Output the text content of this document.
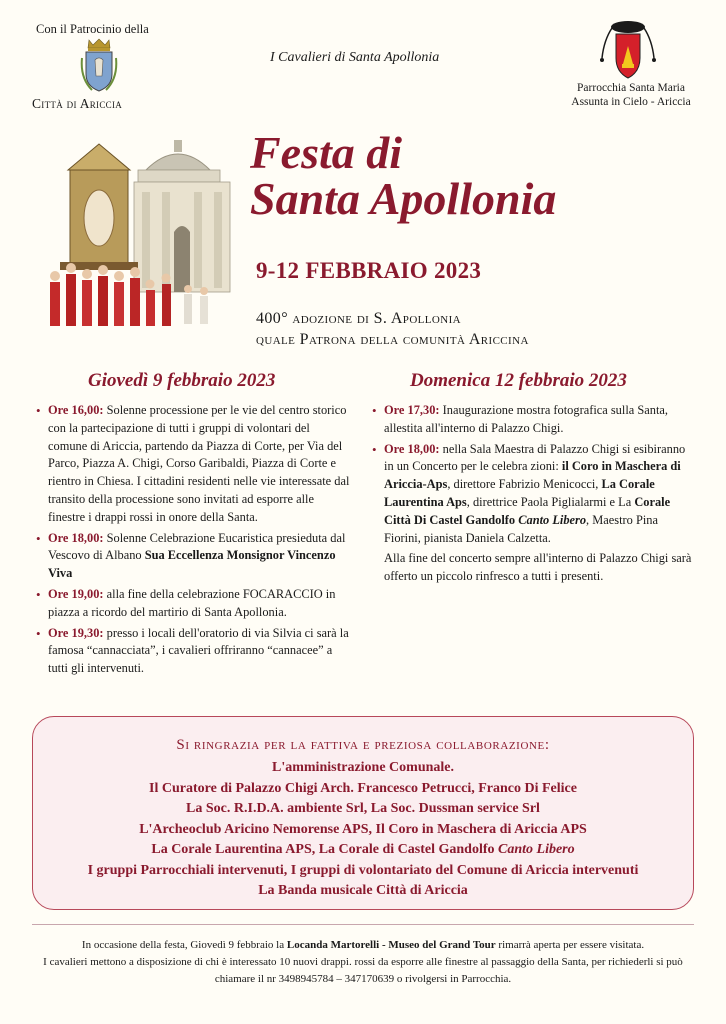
Con il Patrocinio della
Città di Ariccia
I Cavalieri di Santa Apollonia
Parrocchia Santa Maria
Assunta in Cielo - Ariccia
Festa di
Santa Apollonia
9-12 FEBBRAIO 2023
400° adozione di S. Apollonia
quale Patrona della comunità Ariccina
Giovedì 9 febbraio 2023	Domenica 12 febbraio 2023
• Ore 16,00: Solenne processione per le vie del centro storico con la partecipazione di tutti i gruppi di volontari del comune di Ariccia, partendo da Piazza di Corte, per Via del Parco, Piazza A. Chigi, Corso Garibaldi, Piazza di Corte e rientro in Chiesa. I cittadini residenti nelle vie interessate dal transito della processione sono invitati ad esporre alle finestre i drappi rossi in onore della Santa.
• Ore 18,00: Solenne Celebrazione Eucaristica presieduta dal Vescovo di Albano Sua Eccellenza Monsignor Vincenzo Viva
• Ore 19,00: alla fine della celebrazione FOCARACCIO in piazza a ricordo del martirio di Santa Apollonia.
• Ore 19,30: presso i locali dell'oratorio di via Silvia ci sarà la famosa “cannacciata”, i cavalieri offriranno “cannacee” a tutti gli intervenuti.
• Ore 17,30: Inaugurazione mostra fotografica sulla Santa, allestita all'interno di Palazzo Chigi.
• Ore 18,00: nella Sala Maestra di Palazzo Chigi si esibiranno in un Concerto per le celebra zioni: il Coro in Maschera di Ariccia-Aps, direttore Fabrizio Menicocci, La Corale Laurentina Aps, direttrice Paola Piglialarmi e La Corale Città Di Castel Gandolfo Canto Libero, Maestro Pina Fiorini, pianista Daniela Calzetta.
Alla fine del concerto sempre all'interno di Palazzo Chigi sarà offerto un piccolo rinfresco a tutti i presenti.
Si ringrazia per la fattiva e preziosa collaborazione:
L'amministrazione Comunale.
Il Curatore di Palazzo Chigi Arch. Francesco Petrucci, Franco Di Felice
La Soc. R.I.D.A. ambiente Srl, La Soc. Dussman service Srl
L'Archeoclub Aricino Nemorense APS, Il Coro in Maschera di Ariccia APS
La Corale Laurentina APS, La Corale di Castel Gandolfo Canto Libero
I gruppi Parrocchiali intervenuti, I gruppi di volontariato del Comune di Ariccia intervenuti
La Banda musicale Città di Ariccia
In occasione della festa, Giovedì 9 febbraio la Locanda Martorelli - Museo del Grand Tour rimarrà aperta per essere visitata.
I cavalieri mettono a disposizione di chi è interessato 10 nuovi drappi. rossi da esporre alle finestre al passaggio della Santa, per richiederli si può chiamare il nr 3498945784 – 347170639 o rivolgersi in Parrocchia.
